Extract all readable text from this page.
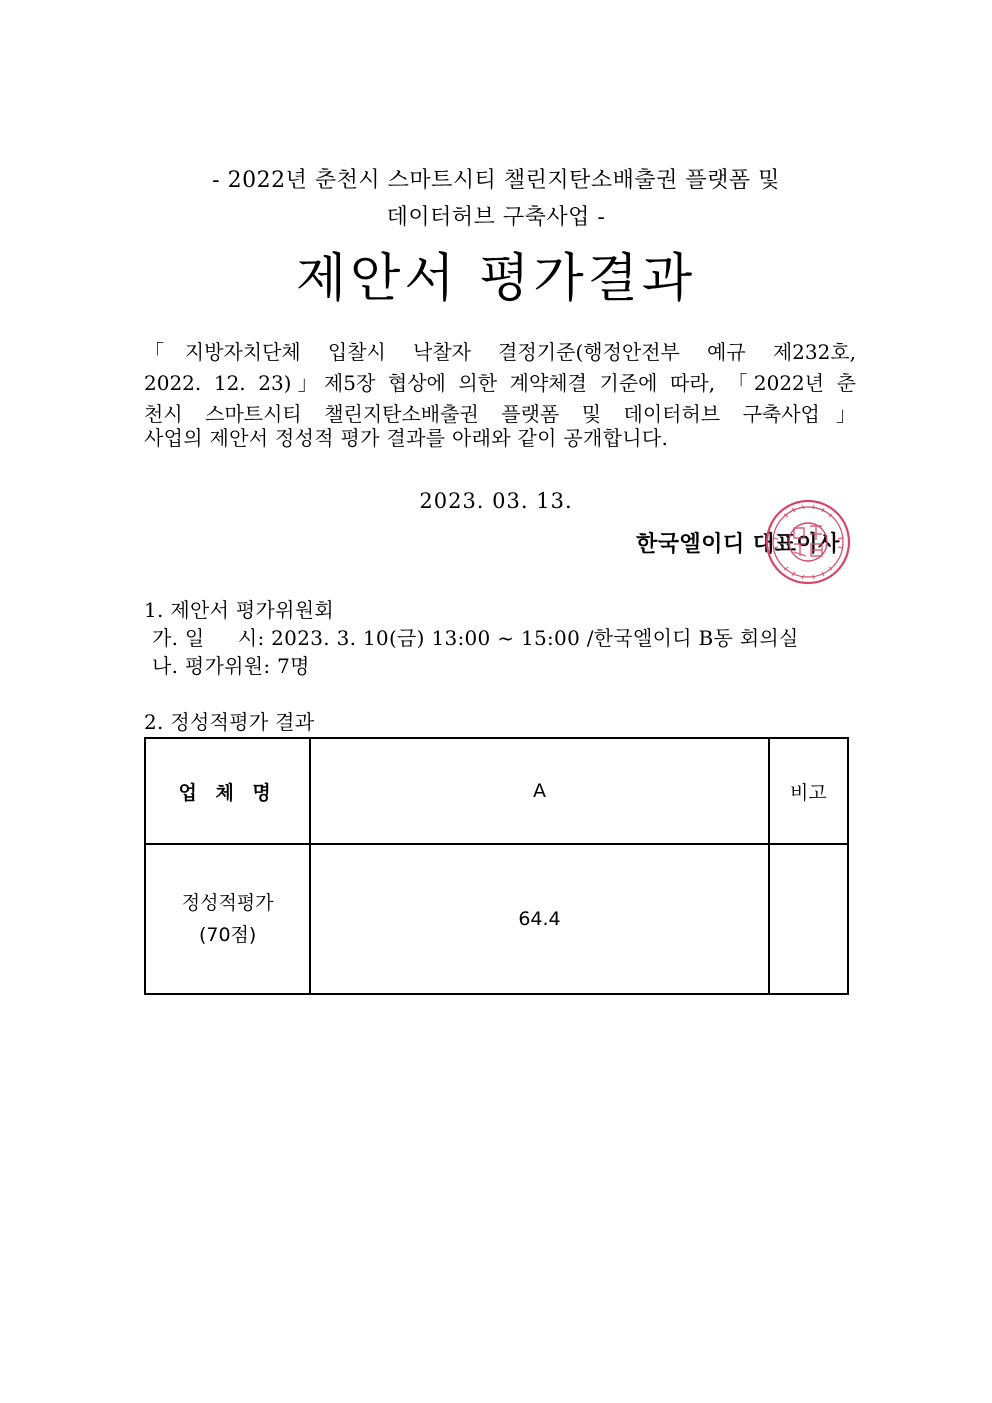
- 2022년 춘천시 스마트시티 챌린지탄소배출권 플랫폼 및
데이터허브 구축사업 -
제안서 평가결과
「지방자치단체 입찰시 낙찰자 결정기준(행정안전부 예규 제232호,
2022. 12. 23)」제5장 협상에 의한 계약체결 기준에 따라, 「2022년 춘
천시 스마트시티 챌린지탄소배출권 플랫폼 및 데이터허브 구축사업」
사업의 제안서 정성적 평가 결과를 아래와 같이 공개합니다.
2023. 03. 13.
한국엘이디 대표이사
1. 제안서 평가위원회
가. 일     시: 2023. 3. 10(금) 13:00 ~ 15:00 /한국엘이디 B동 회의실
나. 평가위원: 7명
2. 정성적평가 결과
업 체 명	A	비고

정성적평가
(70점)	64.4	
